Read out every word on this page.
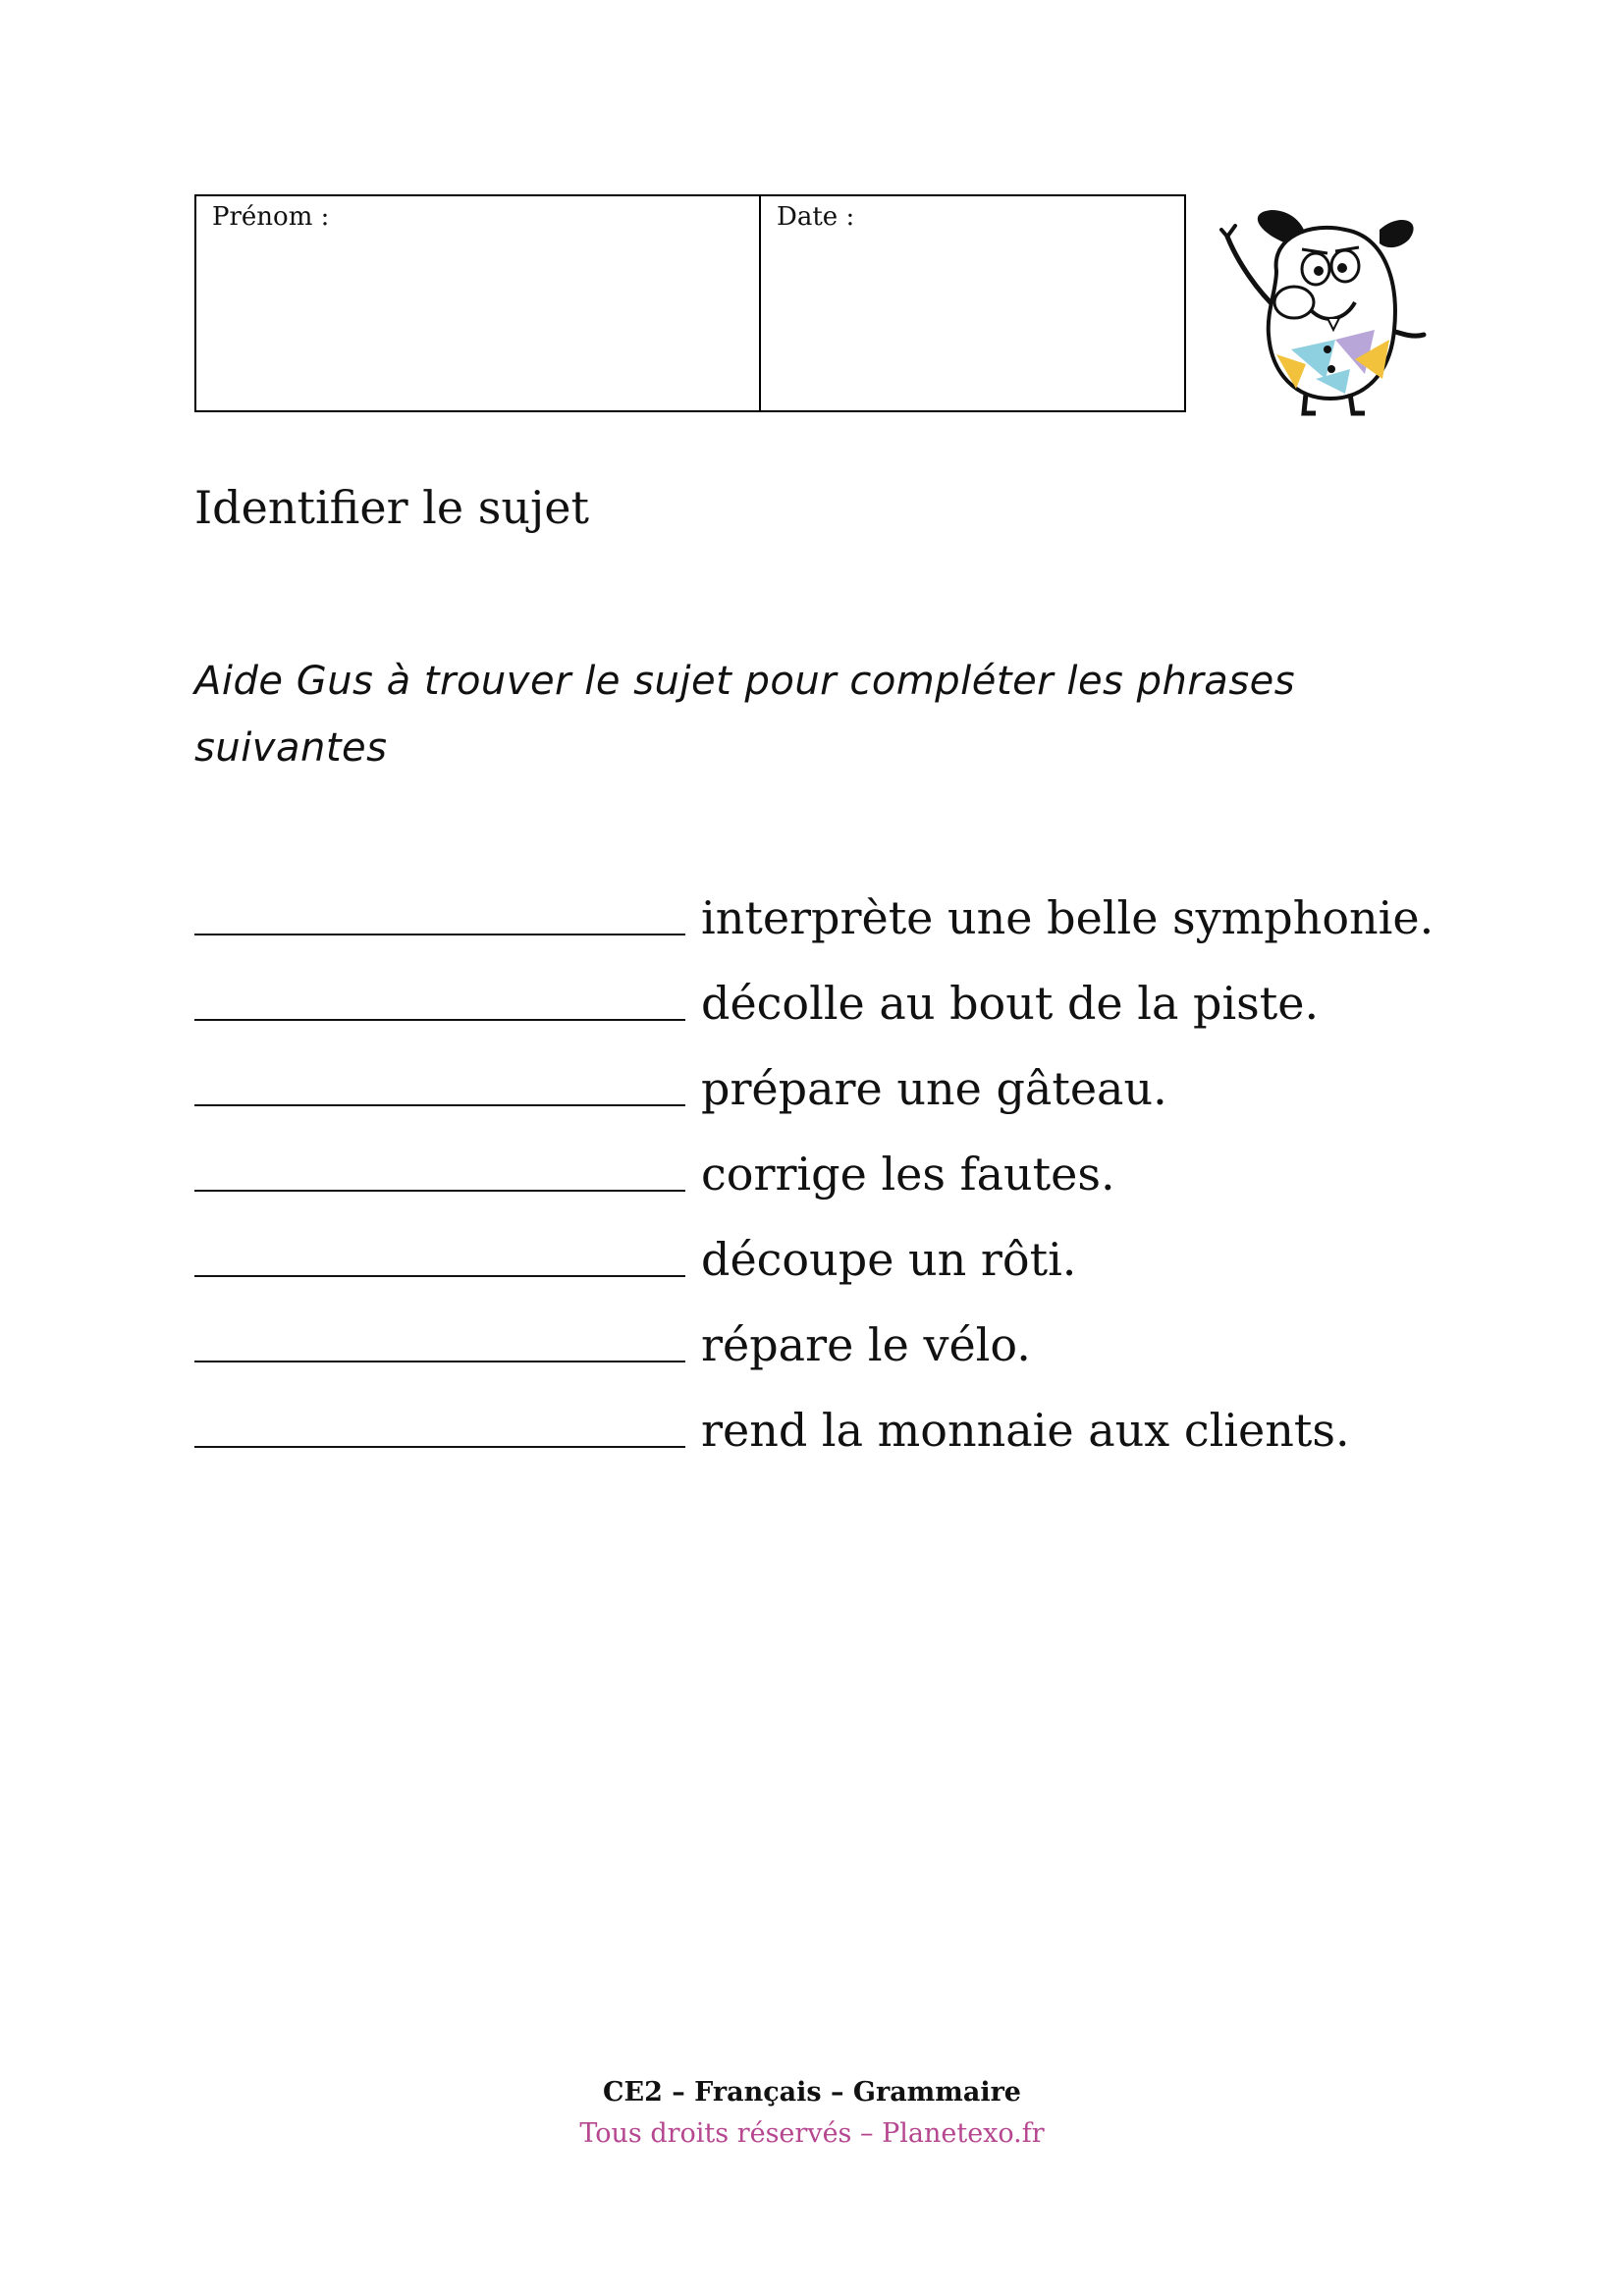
Prénom :	Date :
Identifier le sujet
Aide Gus à trouver le sujet pour compléter les phrases suivantes
interprète une belle symphonie.
décolle au bout de la piste.
prépare une gâteau.
corrige les fautes.
découpe un rôti.
répare le vélo.
rend la monnaie aux clients.
CE2 – Français – Grammaire
Tous droits réservés – Planetexo.fr
